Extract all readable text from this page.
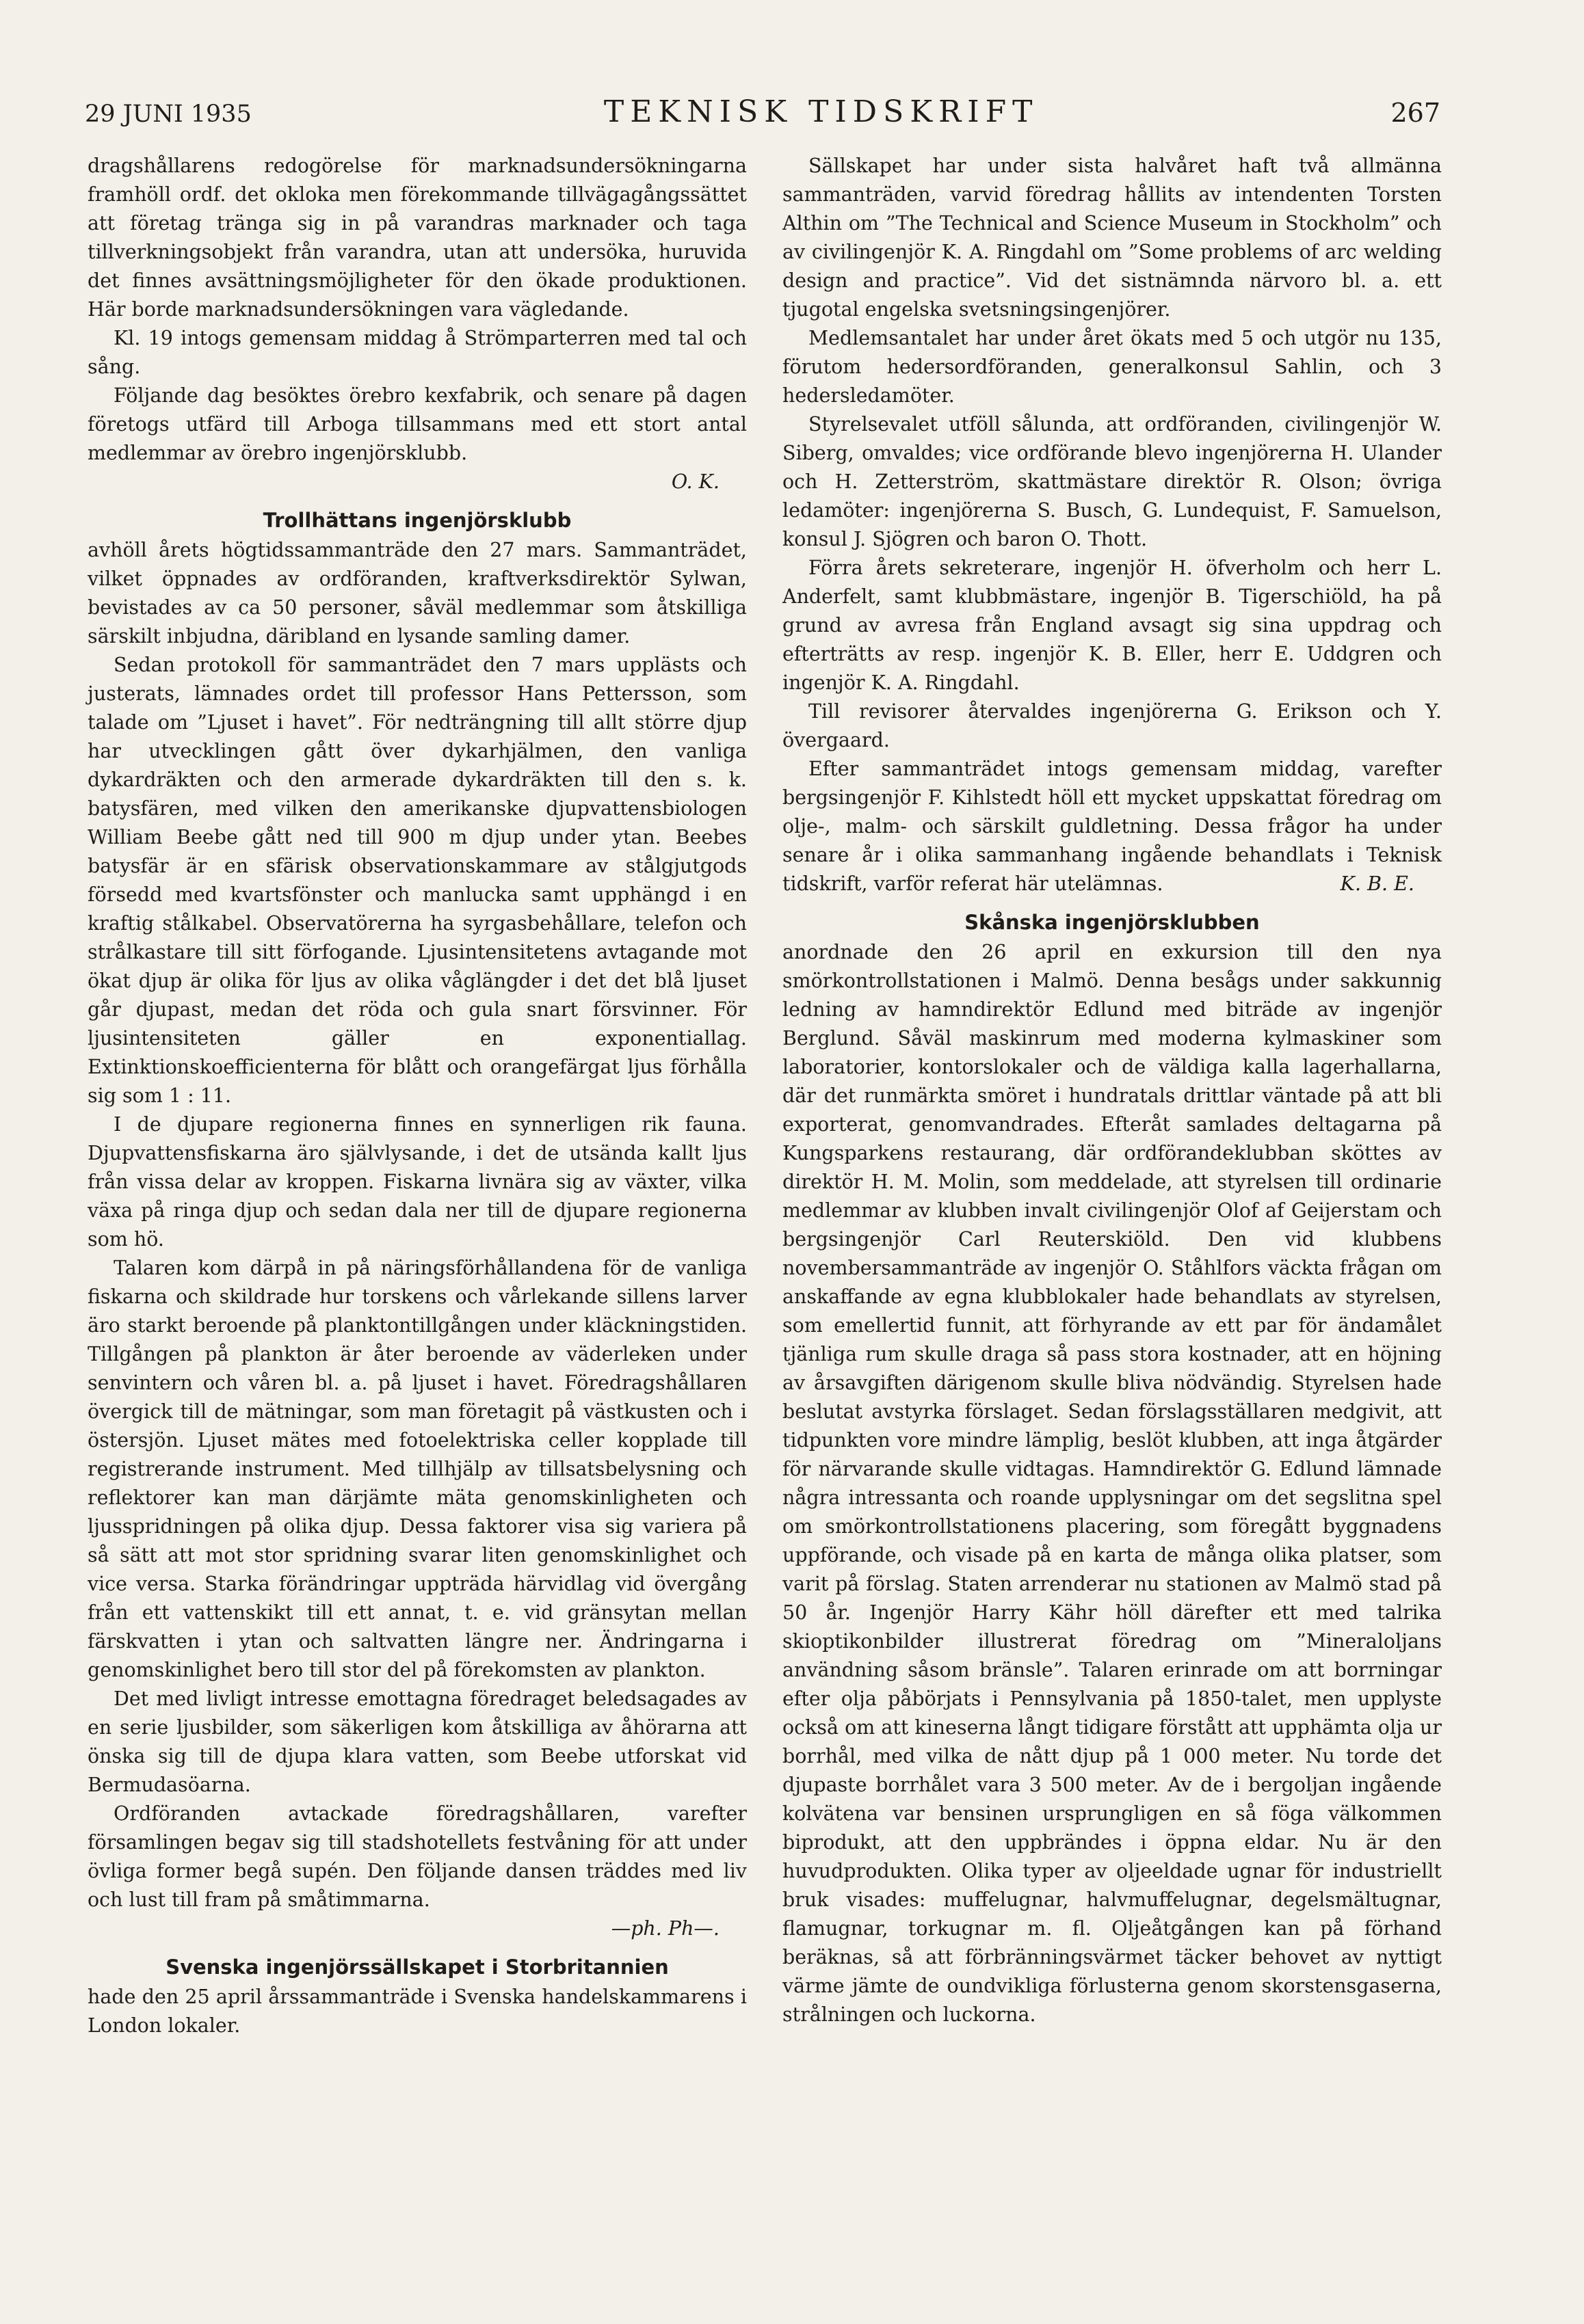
29 JUNI 1935	TEKNISK TIDSKRIFT	267

dragshållarens redogörelse för marknadsundersökningarna framhöll ordf. det okloka men förekommande tillvägagångssättet att företag tränga sig in på varandras marknader och taga tillverkningsobjekt från varandra, utan att undersöka, huruvida det finnes avsättningsmöjligheter för den ökade produktionen. Här borde marknadsundersökningen vara vägledande.

Kl. 19 intogs gemensam middag å Strömparterren med tal och sång.

Följande dag besöktes örebro kexfabrik, och senare på dagen företogs utfärd till Arboga tillsammans med ett stort antal medlemmar av örebro ingenjörsklubb.

O. K.

Trollhättans ingenjörsklubb

avhöll årets högtidssammanträde den 27 mars. Sammanträdet, vilket öppnades av ordföranden, kraftverksdirektör Sylwan, bevistades av ca 50 personer, såväl medlemmar som åtskilliga särskilt inbjudna, däribland en lysande samling damer.

Sedan protokoll för sammanträdet den 7 mars upplästs och justerats, lämnades ordet till professor Hans Pettersson, som talade om ”Ljuset i havet”. För nedträngning till allt större djup har utvecklingen gått över dykarhjälmen, den vanliga dykardräkten och den armerade dykardräkten till den s. k. batysfären, med vilken den amerikanske djupvattensbiologen William Beebe gått ned till 900 m djup under ytan. Beebes batysfär är en sfärisk observationskammare av stålgjutgods försedd med kvartsfönster och manlucka samt upphängd i en kraftig stålkabel. Observatörerna ha syrgasbehållare, telefon och strålkastare till sitt förfogande. Ljusintensitetens avtagande mot ökat djup är olika för ljus av olika våglängder i det det blå ljuset går djupast, medan det röda och gula snart försvinner. För ljusintensiteten gäller en exponentiallag. Extinktionskoefficienterna för blått och orangefärgat ljus förhålla sig som 1 : 11.

I de djupare regionerna finnes en synnerligen rik fauna. Djupvattensfiskarna äro självlysande, i det de utsända kallt ljus från vissa delar av kroppen. Fiskarna livnära sig av växter, vilka växa på ringa djup och sedan dala ner till de djupare regionerna som hö.

Talaren kom därpå in på näringsförhållandena för de vanliga fiskarna och skildrade hur torskens och vårlekande sillens larver äro starkt beroende på planktontillgången under kläckningstiden. Tillgången på plankton är åter beroende av väderleken under senvintern och våren bl. a. på ljuset i havet. Föredragshållaren övergick till de mätningar, som man företagit på västkusten och i östersjön. Ljuset mätes med fotoelektriska celler kopplade till registrerande instrument. Med tillhjälp av tillsatsbelysning och reflektorer kan man därjämte mäta genomskinligheten och ljusspridningen på olika djup. Dessa faktorer visa sig variera på så sätt att mot stor spridning svarar liten genomskinlighet och vice versa. Starka förändringar uppträda härvidlag vid övergång från ett vattenskikt till ett annat, t. e. vid gränsytan mellan färskvatten i ytan och saltvatten längre ner. Ändringarna i genomskinlighet bero till stor del på förekomsten av plankton.

Det med livligt intresse emottagna föredraget beledsagades av en serie ljusbilder, som säkerligen kom åtskilliga av åhörarna att önska sig till de djupa klara vatten, som Beebe utforskat vid Bermudasöarna.

Ordföranden avtackade föredragshållaren, varefter församlingen begav sig till stadshotellets festvåning för att under övliga former begå supén. Den följande dansen träddes med liv och lust till fram på småtimmarna.

—ph. Ph—.

Svenska ingenjörssällskapet i Storbritannien

hade den 25 april årssammanträde i Svenska handelskammarens i London lokaler.

Sällskapet har under sista halvåret haft två allmänna sammanträden, varvid föredrag hållits av intendenten Torsten Althin om ”The Technical and Science Museum in Stockholm” och av civilingenjör K. A. Ringdahl om ”Some problems of arc welding design and practice”. Vid det sistnämnda närvoro bl. a. ett tjugotal engelska svetsningsingenjörer.

Medlemsantalet har under året ökats med 5 och utgör nu 135, förutom hedersordföranden, generalkonsul Sahlin, och 3 hedersledamöter.

Styrelsevalet utföll sålunda, att ordföranden, civilingenjör W. Siberg, omvaldes; vice ordförande blevo ingenjörerna H. Ulander och H. Zetterström, skattmästare direktör R. Olson; övriga ledamöter: ingenjörerna S. Busch, G. Lundequist, F. Samuelson, konsul J. Sjögren och baron O. Thott.

Förra årets sekreterare, ingenjör H. öfverholm och herr L. Anderfelt, samt klubbmästare, ingenjör B. Tigerschiöld, ha på grund av avresa från England avsagt sig sina uppdrag och efterträtts av resp. ingenjör K. B. Eller, herr E. Uddgren och ingenjör K. A. Ringdahl.

Till revisorer återvaldes ingenjörerna G. Erikson och Y. övergaard.

Efter sammanträdet intogs gemensam middag, varefter bergsingenjör F. Kihlstedt höll ett mycket uppskattat föredrag om olje-, malm- och särskilt guldletning. Dessa frågor ha under senare år i olika sammanhang ingående behandlats i Teknisk tidskrift, varför referat här utelämnas.	K. B. E.

Skånska ingenjörsklubben

anordnade den 26 april en exkursion till den nya smörkontrollstationen i Malmö. Denna besågs under sakkunnig ledning av hamndirektör Edlund med biträde av ingenjör Berglund. Såväl maskinrum med moderna kylmaskiner som laboratorier, kontorslokaler och de väldiga kalla lagerhallarna, där det runmärkta smöret i hundratals drittlar väntade på att bli exporterat, genomvandrades. Efteråt samlades deltagarna på Kungsparkens restaurang, där ordförandeklubban sköttes av direktör H. M. Molin, som meddelade, att styrelsen till ordinarie medlemmar av klubben invalt civilingenjör Olof af Geijerstam och bergsingenjör Carl Reuterskiöld. Den vid klubbens novembersammanträde av ingenjör O. Ståhlfors väckta frågan om anskaffande av egna klubblokaler hade behandlats av styrelsen, som emellertid funnit, att förhyrande av ett par för ändamålet tjänliga rum skulle draga så pass stora kostnader, att en höjning av årsavgiften därigenom skulle bliva nödvändig. Styrelsen hade beslutat avstyrka förslaget. Sedan förslagsställaren medgivit, att tidpunkten vore mindre lämplig, beslöt klubben, att inga åtgärder för närvarande skulle vidtagas. Hamndirektör G. Edlund lämnade några intressanta och roande upplysningar om det segslitna spel om smörkontrollstationens placering, som föregått byggnadens uppförande, och visade på en karta de många olika platser, som varit på förslag. Staten arrenderar nu stationen av Malmö stad på 50 år. Ingenjör Harry Kähr höll därefter ett med talrika skioptikonbilder illustrerat föredrag om ”Mineraloljans användning såsom bränsle”. Talaren erinrade om att borrningar efter olja påbörjats i Pennsylvania på 1850-talet, men upplyste också om att kineserna långt tidigare förstått att upphämta olja ur borrhål, med vilka de nått djup på 1 000 meter. Nu torde det djupaste borrhålet vara 3 500 meter. Av de i bergoljan ingående kolvätena var bensinen ursprungligen en så föga välkommen biprodukt, att den uppbrändes i öppna eldar. Nu är den huvudprodukten. Olika typer av oljeeldade ugnar för industriellt bruk visades: muffelugnar, halvmuffelugnar, degelsmältugnar, flamugnar, torkugnar m. fl. Oljeåtgången kan på förhand beräknas, så att förbränningsvärmet täcker behovet av nyttigt värme jämte de oundvikliga förlusterna genom skorstensgaserna, strålningen och luckorna.
